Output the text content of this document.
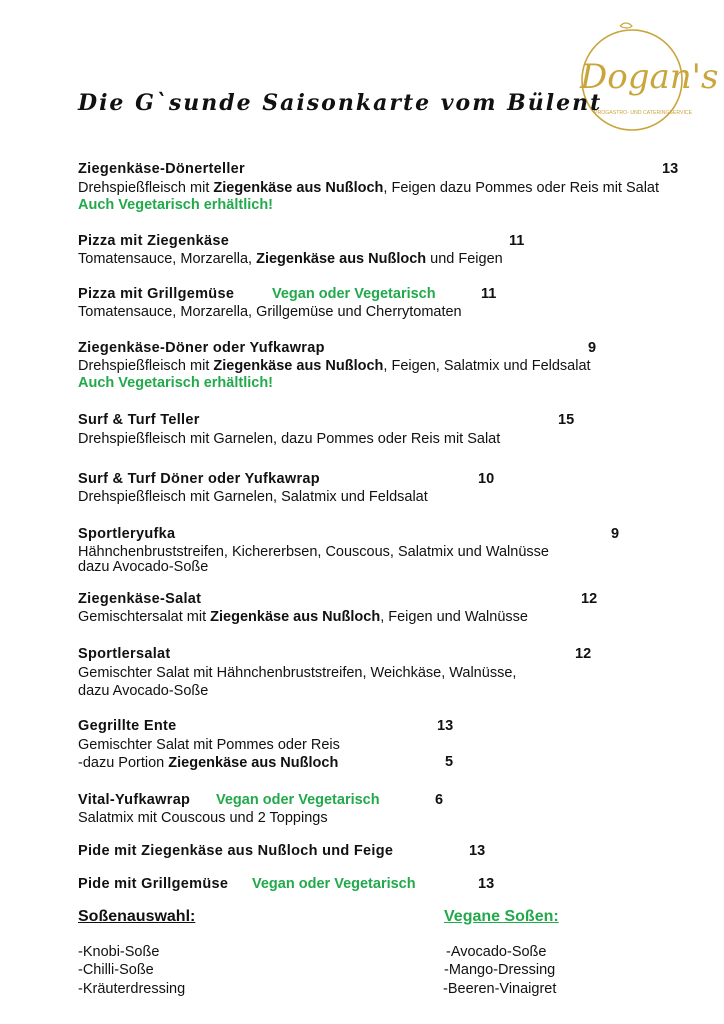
Dogan's
PROGASTRO- UND CATERINGSERVICE
Die G`sunde Saisonkarte vom Bülent
Ziegenkäse-Dönerteller	13
Drehspießfleisch mit Ziegenkäse aus Nußloch, Feigen dazu Pommes oder Reis mit Salat
Auch Vegetarisch erhältlich!
Pizza mit Ziegenkäse	11
Tomatensauce, Morzarella, Ziegenkäse aus Nußloch und Feigen
Pizza mit Grillgemüse	Vegan oder Vegetarisch	11
Tomatensauce, Morzarella, Grillgemüse und Cherrytomaten
Ziegenkäse-Döner oder Yufkawrap	9
Drehspießfleisch mit Ziegenkäse aus Nußloch, Feigen, Salatmix und Feldsalat
Auch Vegetarisch erhältlich!
Surf & Turf Teller	15
Drehspießfleisch mit Garnelen, dazu Pommes oder Reis mit Salat
Surf & Turf Döner oder Yufkawrap	10
Drehspießfleisch mit Garnelen, Salatmix und Feldsalat
Sportleryufka	9
Hähnchenbruststreifen, Kichererbsen, Couscous, Salatmix und Walnüsse
dazu Avocado-Soße
Ziegenkäse-Salat	12
Gemischtersalat mit Ziegenkäse aus Nußloch, Feigen und Walnüsse
Sportlersalat	12
Gemischter Salat mit Hähnchenbruststreifen, Weichkäse, Walnüsse,
dazu Avocado-Soße
Gegrillte Ente	13
Gemischter Salat mit Pommes oder Reis
-dazu Portion Ziegenkäse aus Nußloch	5
Vital-Yufkawrap Vegan oder Vegetarisch	6
Salatmix mit Couscous und 2 Toppings
Pide mit Ziegenkäse aus Nußloch und Feige	13
Pide mit Grillgemüse Vegan oder Vegetarisch	13
Soßenauswahl:
-Knobi-Soße
-Chilli-Soße
-Kräuterdressing
Vegane Soßen:
-Avocado-Soße
-Mango-Dressing
-Beeren-Vinaigret
